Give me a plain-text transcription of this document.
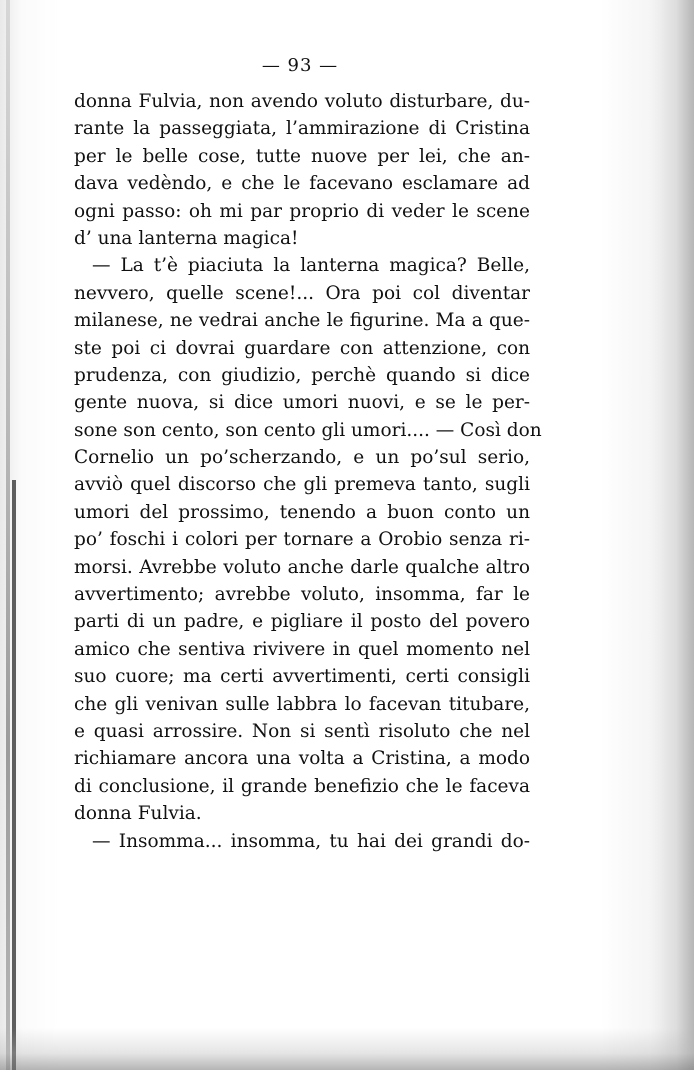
— 93 —
donna Fulvia, non avendo voluto disturbare, du-
rante la passeggiata, l’ammirazione di Cristina
per le belle cose, tutte nuove per lei, che an-
dava vedèndo, e che le facevano esclamare ad
ogni passo: oh mi par proprio di veder le scene
d’ una lanterna magica!
— La t’è piaciuta la lanterna magica? Belle,
nevvero, quelle scene!... Ora poi col diventar
milanese, ne vedrai anche le figurine. Ma a que-
ste poi ci dovrai guardare con attenzione, con
prudenza, con giudizio, perchè quando si dice
gente nuova, si dice umori nuovi, e se le per-
sone son cento, son cento gli umori.... — Così don
Cornelio un po’scherzando, e un po’sul serio,
avviò quel discorso che gli premeva tanto, sugli
umori del prossimo, tenendo a buon conto un
po’ foschi i colori per tornare a Orobio senza ri-
morsi. Avrebbe voluto anche darle qualche altro
avvertimento; avrebbe voluto, insomma, far le
parti di un padre, e pigliare il posto del povero
amico che sentiva rivivere in quel momento nel
suo cuore; ma certi avvertimenti, certi consigli
che gli venivan sulle labbra lo facevan titubare,
e quasi arrossire. Non si sentì risoluto che nel
richiamare ancora una volta a Cristina, a modo
di conclusione, il grande benefizio che le faceva
donna Fulvia.
— Insomma... insomma, tu hai dei grandi do-
